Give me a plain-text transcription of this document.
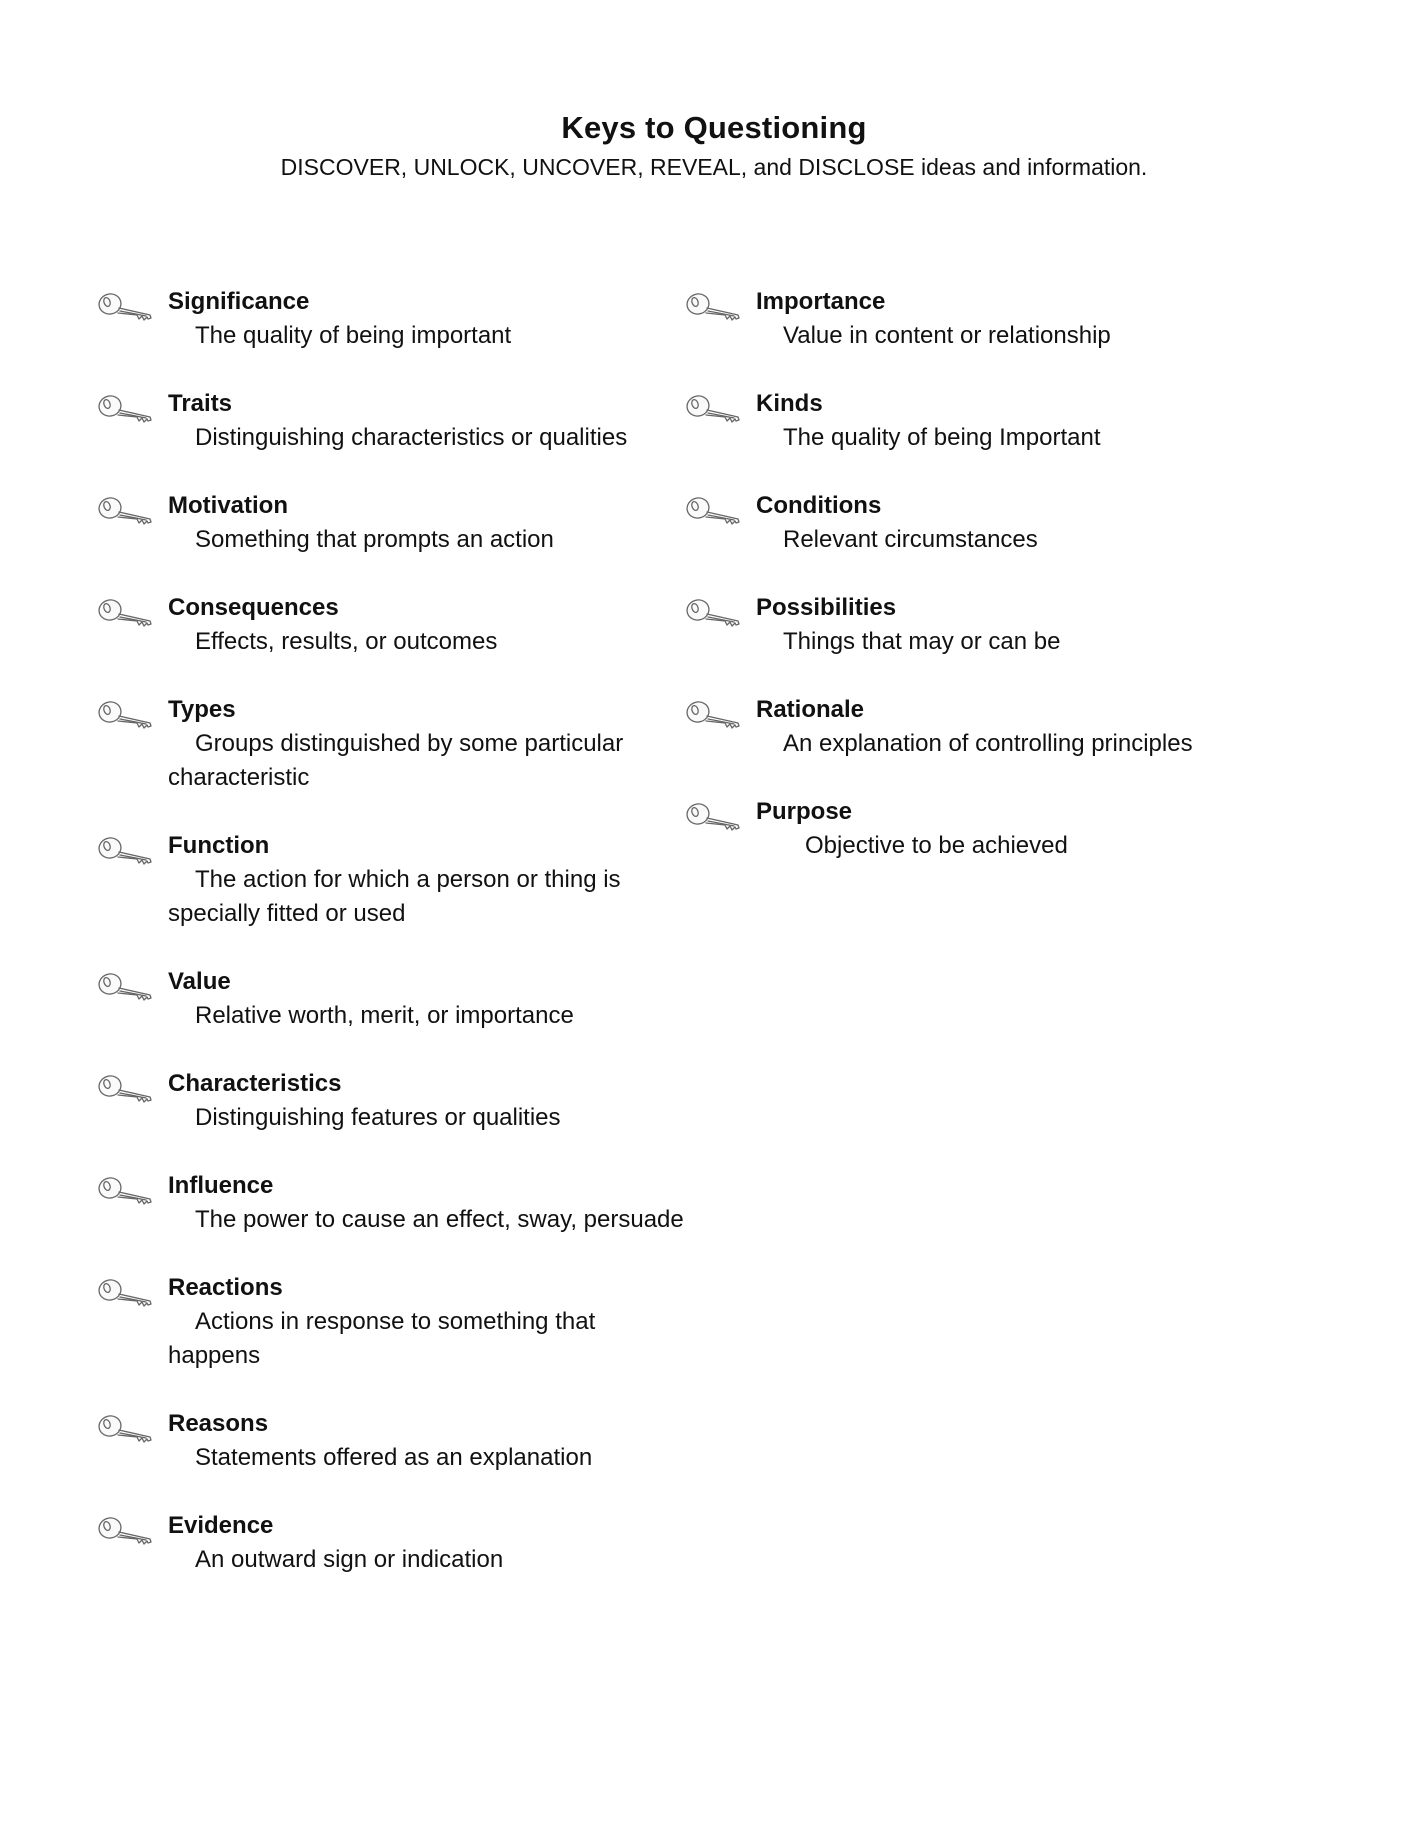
Keys to Questioning
DISCOVER, UNLOCK, UNCOVER, REVEAL, and DISCLOSE ideas and information.

Significance

The quality of being important

Traits

Distinguishing characteristics or qualities

Motivation

Something that prompts an action

Consequences

Effects, results, or outcomes

Types

Groups distinguished by some particular characteristic

Function

The action for which a person or thing is specially fitted or used

Value

Relative worth, merit, or importance

Characteristics

Distinguishing features or qualities

Influence

The power to cause an effect, sway, persuade

Reactions

Actions in response to something that happens

Reasons

Statements offered as an explanation

Evidence

An outward sign or indication

Importance

Value in content or relationship

Kinds

The quality of being Important

Conditions

Relevant circumstances

Possibilities

Things that may or can be

Rationale

An explanation of controlling principles

Purpose

Objective to be achieved
